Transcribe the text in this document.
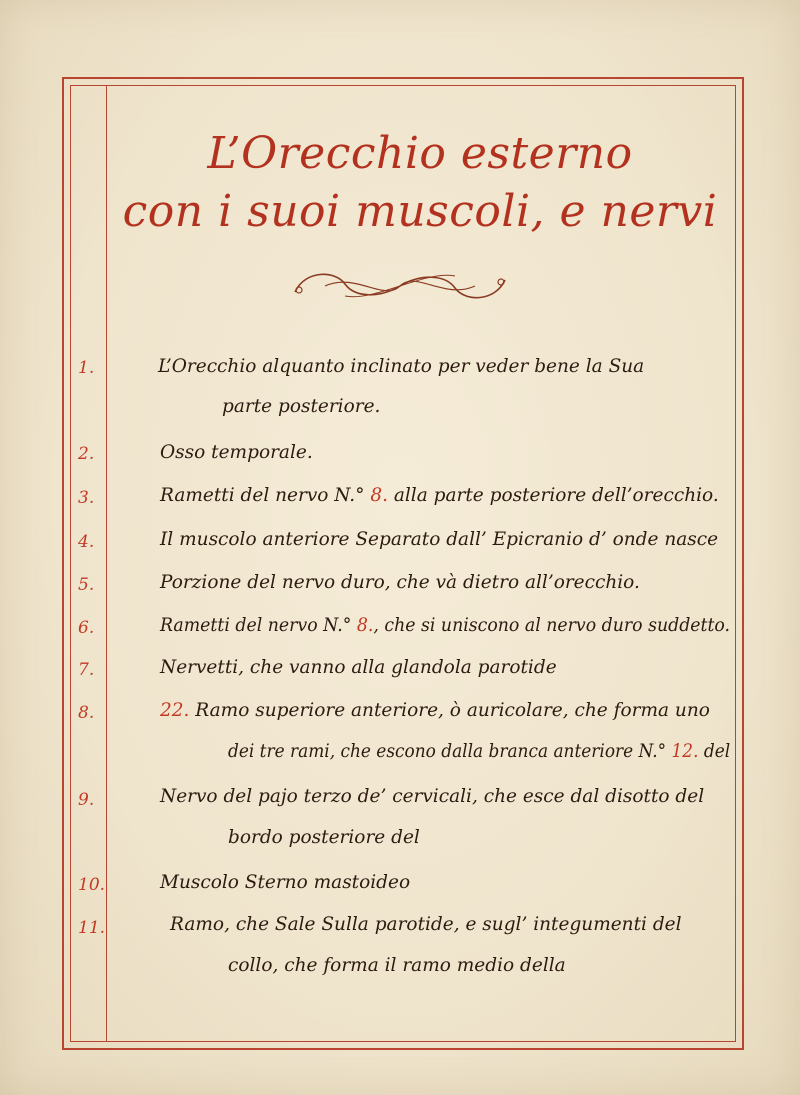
L’Orecchio esterno
con i suoi muscoli, e nervi
1.	L’Orecchio alquanto inclinato per veder bene la Sua
parte posteriore.
2.	Osso temporale.
3.	Rametti del nervo N.° 8. alla parte posteriore dell’orecchio.
4.	Il muscolo anteriore Separato dall’ Epicranio d’ onde nasce
5.	Porzione del nervo duro, che và dietro all’orecchio.
6.	Rametti del nervo N.° 8., che si uniscono al nervo duro suddetto.
7.	Nervetti, che vanno alla glandola parotide
8.	22. Ramo superiore anteriore, ò auricolare, che forma uno
dei tre rami, che escono dalla branca anteriore N.° 12. del
9.	Nervo del pajo terzo de’ cervicali, che esce dal disotto del
bordo posteriore del
10.	Muscolo Sterno mastoideo
11.	Ramo, che Sale Sulla parotide, e sugl’ integumenti del
collo, che forma il ramo medio della
